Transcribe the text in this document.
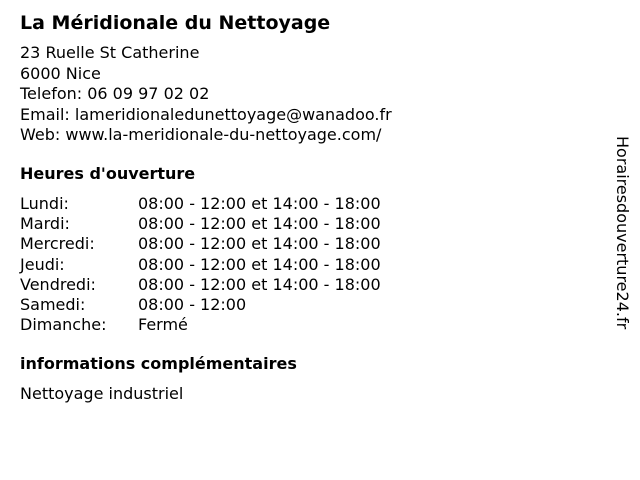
La Méridionale du Nettoyage
23 Ruelle St Catherine
6000 Nice
Telefon: 06 09 97 02 02
Email: lameridionaledunettoyage@wanadoo.fr
Web: www.la-meridionale-du-nettoyage.com/
Heures d'ouverture
Lundi:	08:00 - 12:00 et 14:00 - 18:00
Mardi:	08:00 - 12:00 et 14:00 - 18:00
Mercredi:	08:00 - 12:00 et 14:00 - 18:00
Jeudi:	08:00 - 12:00 et 14:00 - 18:00
Vendredi:	08:00 - 12:00 et 14:00 - 18:00
Samedi:	08:00 - 12:00
Dimanche:	Fermé
informations complémentaires
Nettoyage industriel
Horairesdouverture24.fr
